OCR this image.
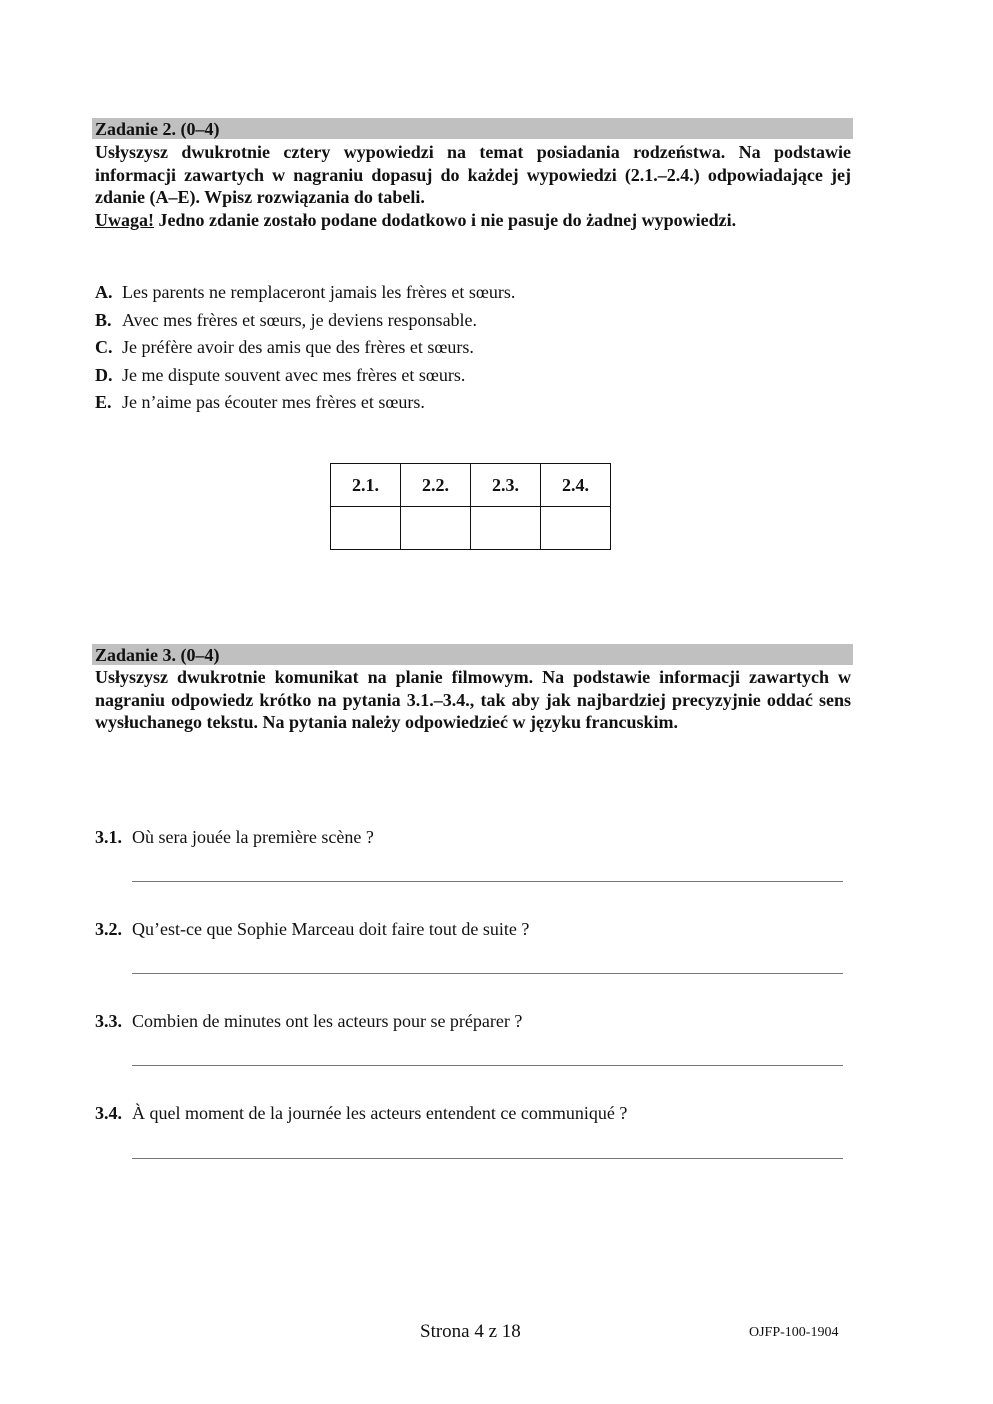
Zadanie 2. (0–4)
Usłyszysz dwukrotnie cztery wypowiedzi na temat posiadania rodzeństwa. Na podstawie informacji zawartych w nagraniu dopasuj do każdej wypowiedzi (2.1.–2.4.) odpowiadające jej zdanie (A–E). Wpisz rozwiązania do tabeli.
Uwaga! Jedno zdanie zostało podane dodatkowo i nie pasuje do żadnej wypowiedzi.
A. Les parents ne remplaceront jamais les frères et sœurs.
B. Avec mes frères et sœurs, je deviens responsable.
C. Je préfère avoir des amis que des frères et sœurs.
D. Je me dispute souvent avec mes frères et sœurs.
E. Je n’aime pas écouter mes frères et sœurs.
2.1.	2.2.	2.3.	2.4.

Zadanie 3. (0–4)
Usłyszysz dwukrotnie komunikat na planie filmowym. Na podstawie informacji zawartych w nagraniu odpowiedz krótko na pytania 3.1.–3.4., tak aby jak najbardziej precyzyjnie oddać sens wysłuchanego tekstu. Na pytania należy odpowiedzieć w języku francuskim.
3.1. Où sera jouée la première scène ?
3.2. Qu’est-ce que Sophie Marceau doit faire tout de suite ?
3.3. Combien de minutes ont les acteurs pour se préparer ?
3.4. À quel moment de la journée les acteurs entendent ce communiqué ?
Strona 4 z 18	OJFP-100-1904
